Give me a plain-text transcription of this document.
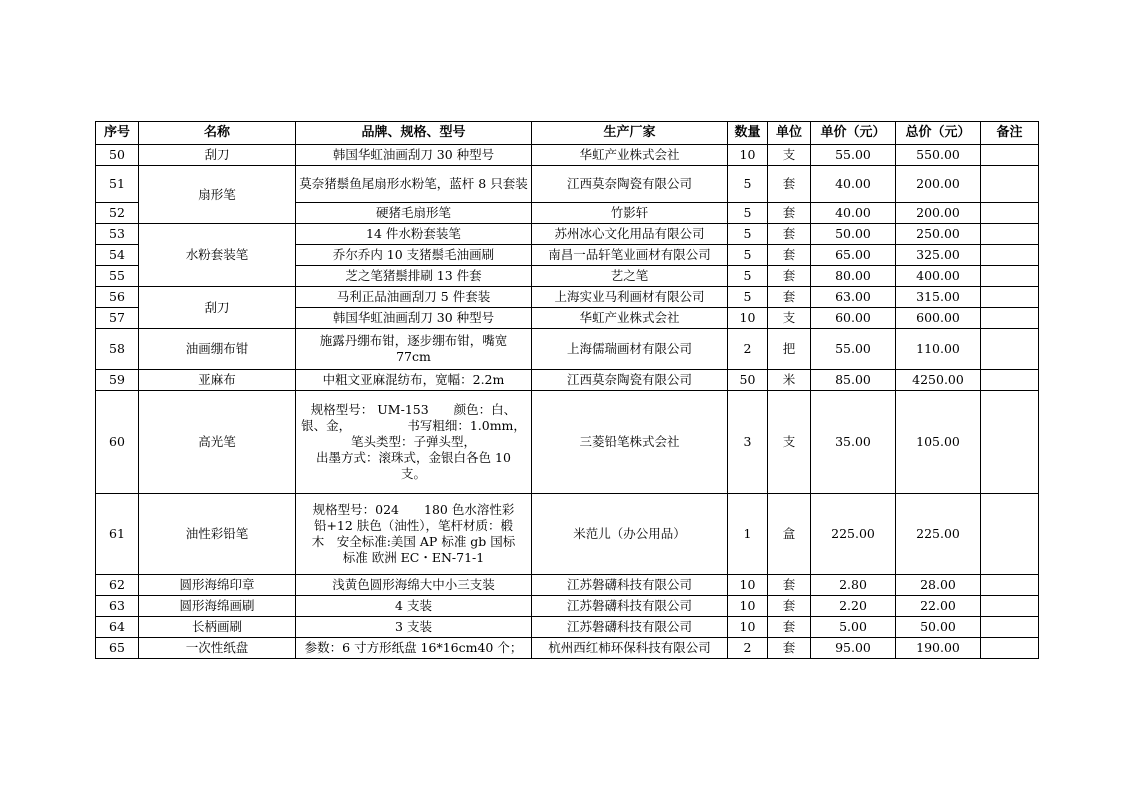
序号	名称	品牌、规格、型号	生产厂家	数量	单位	单价（元）	总价（元）	备注
50	刮刀	韩国华虹油画刮刀 30 种型号	华虹产业株式会社	10	支	55.00	550.00	
51	扇形笔	莫奈猪鬃鱼尾扇形水粉笔，蓝杆 8 只套装	江西莫奈陶瓷有限公司	5	套	40.00	200.00	
52		硬猪毛扇形笔	竹影轩	5	套	40.00	200.00	
53	水粉套装笔	14 件水粉套装笔	苏州冰心文化用品有限公司	5	套	50.00	250.00	
54		乔尔乔内 10 支猪鬃毛油画刷	南昌一品轩笔业画材有限公司	5	套	65.00	325.00	
55		芝之笔猪鬃排刷 13 件套	艺之笔	5	套	80.00	400.00	
56	刮刀	马利正品油画刮刀 5 件套装	上海实业马利画材有限公司	5	套	63.00	315.00	
57		韩国华虹油画刮刀 30 种型号	华虹产业株式会社	10	支	60.00	600.00	
58	油画绷布钳	施露丹绷布钳，逐步绷布钳，嘴宽
77cm	上海儒瑞画材有限公司	2	把	55.00	110.00	
59	亚麻布	中粗文亚麻混纺布，宽幅：2.2m	江西莫奈陶瓷有限公司	50	米	85.00	4250.00	
60	高光笔	规格型号： UM-153　　颜色：白、
银、金，　　　　　书写粗细：1.0mm，
笔头类型：子弹头型，
出墨方式：滚珠式，金银白各色 10
支。	三菱铅笔株式会社	3	支	35.00	105.00	
61	油性彩铅笔	规格型号：024　　180 色水溶性彩
铅+12 肤色（油性），笔杆材质：椴
木　安全标准:美国 AP 标准 gb 国标
标准 欧洲 EC・EN-71-1	米范儿（办公用品）	1	盒	225.00	225.00	
62	圆形海绵印章	浅黄色圆形海绵大中小三支装	江苏磐礴科技有限公司	10	套	2.80	28.00	
63	圆形海绵画刷	4 支装	江苏磐礴科技有限公司	10	套	2.20	22.00	
64	长柄画刷	3 支装	江苏磐礴科技有限公司	10	套	5.00	50.00	
65	一次性纸盘	参数：6 寸方形纸盘 16*16cm40 个；	杭州西红柿环保科技有限公司	2	套	95.00	190.00	
